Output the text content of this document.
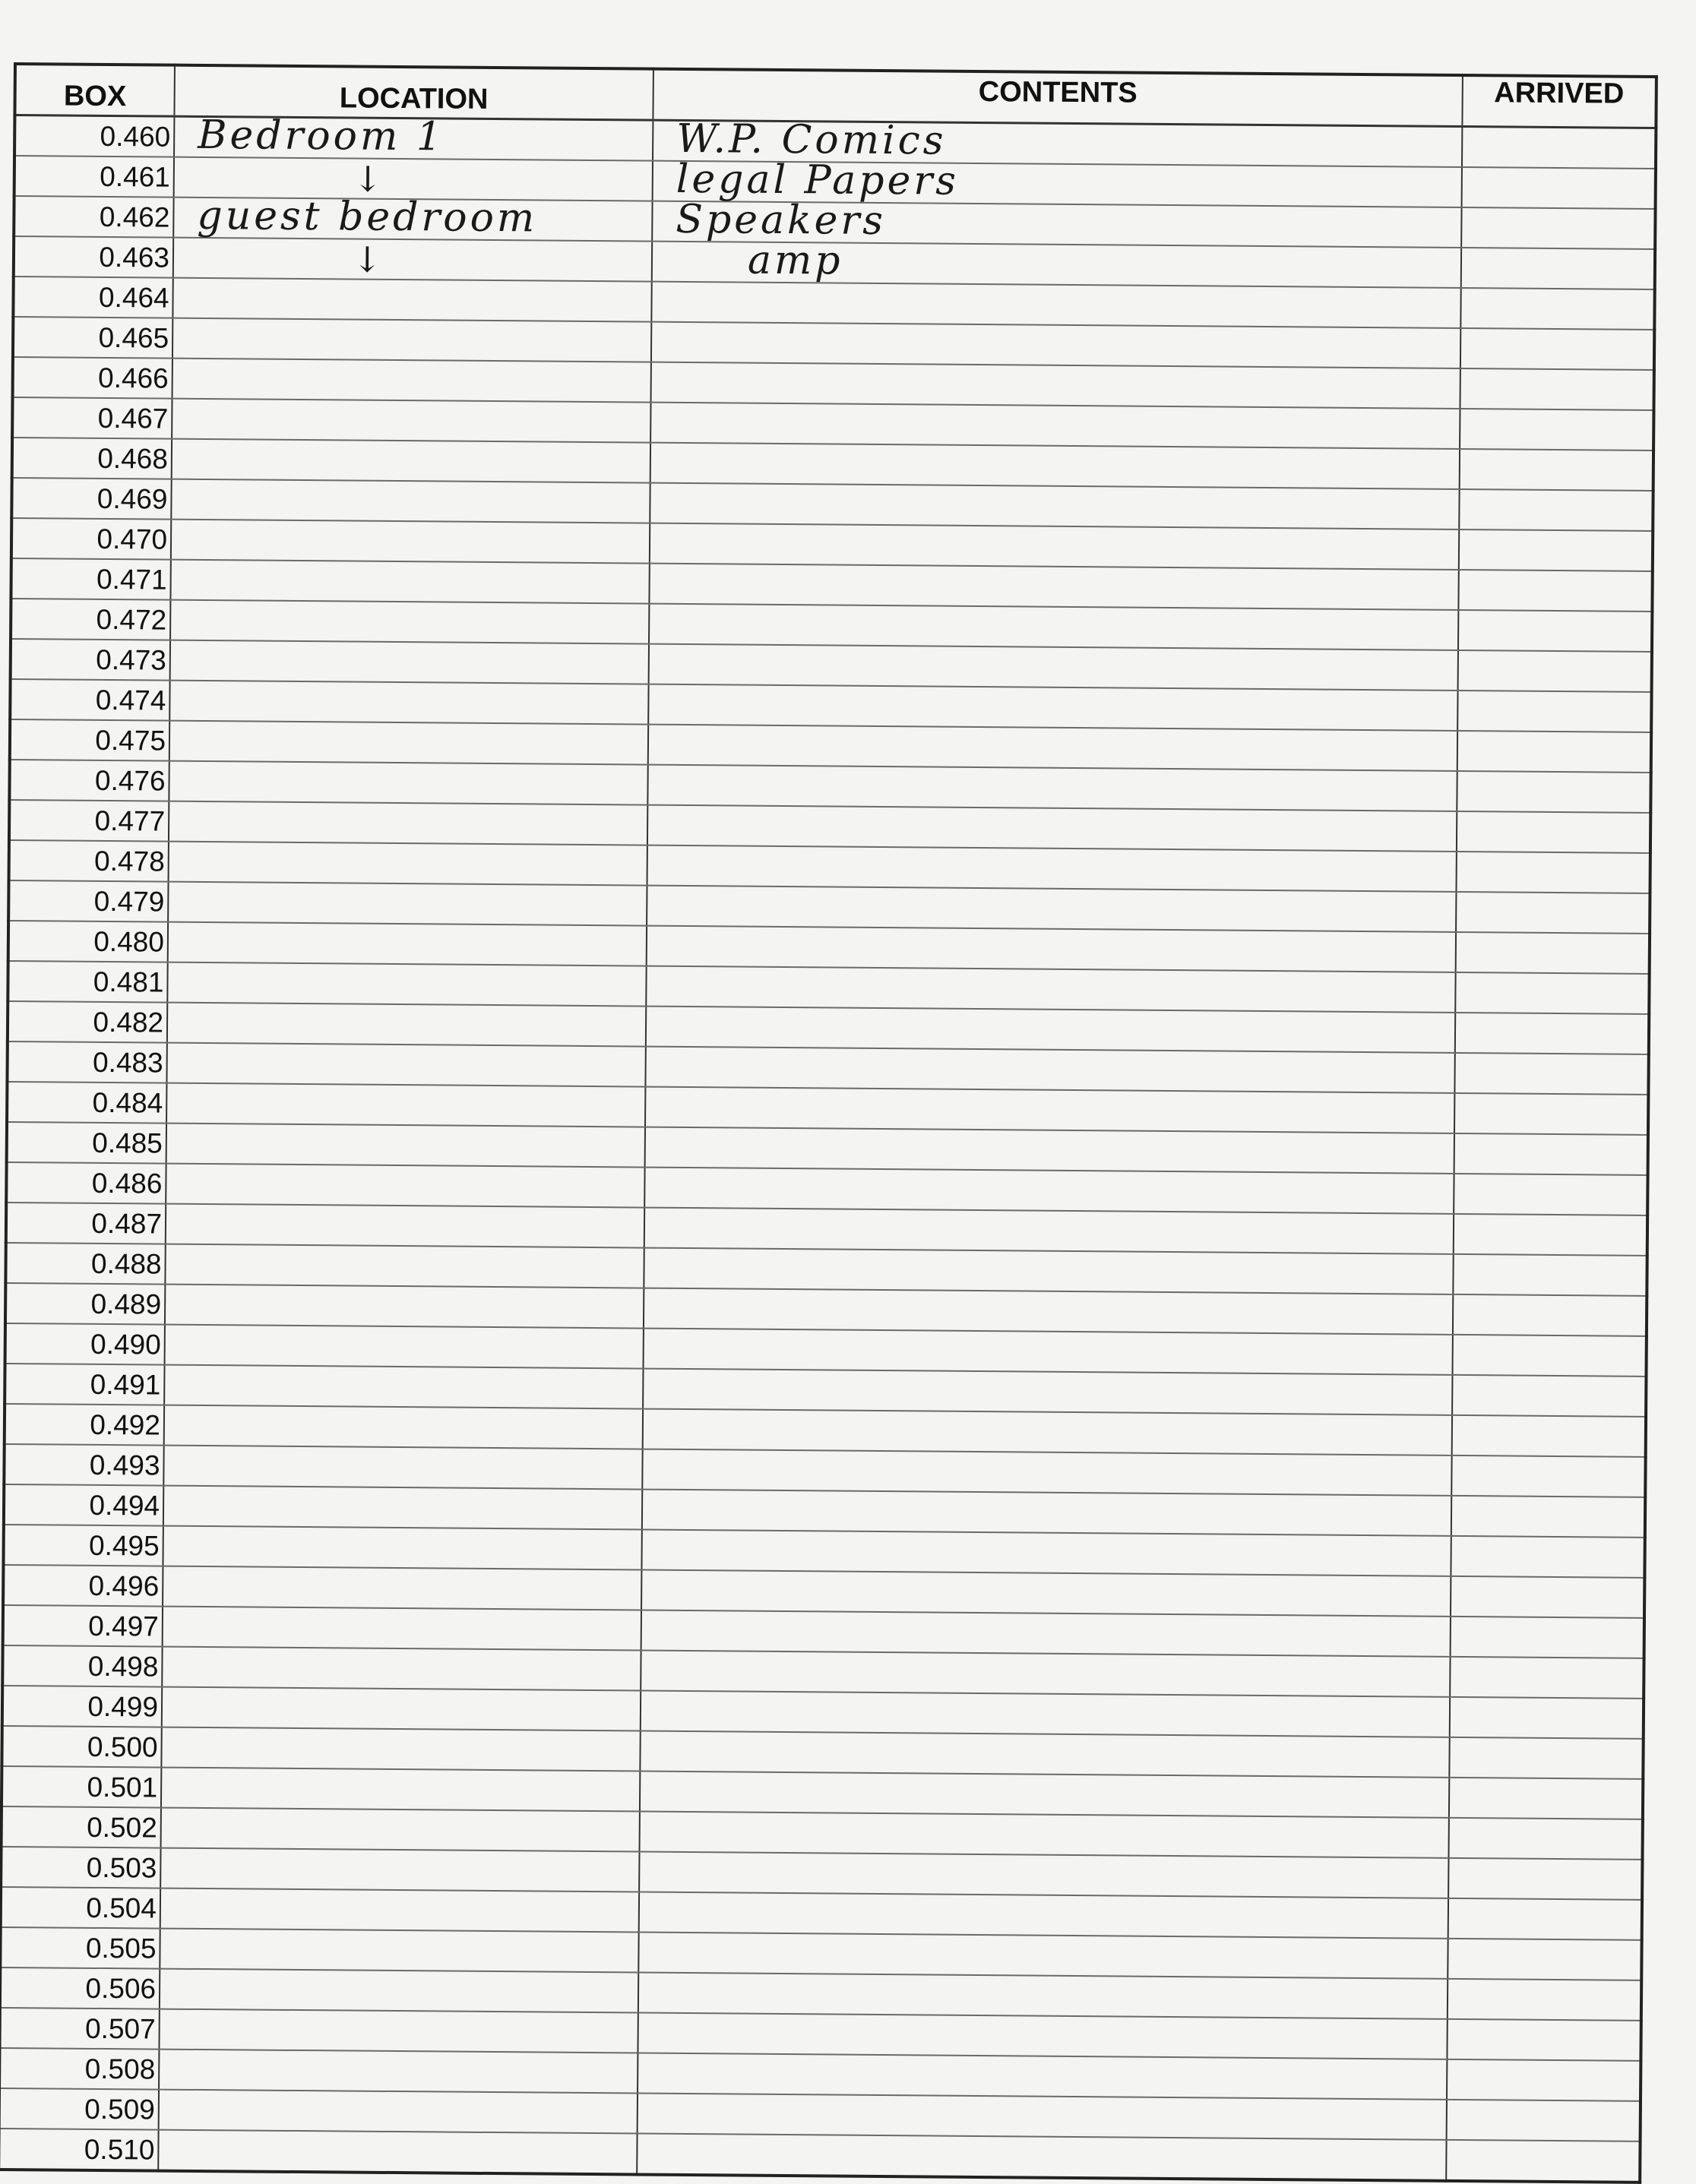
BOX	LOCATION	CONTENTS	ARRIVED
0.460	Bedroom 1	W.P. Comics	

0.461	↓	legal Papers	

0.462	guest bedroom	Speakers	

0.463	↓	amp	

0.464			
0.465			
0.466			
0.467			
0.468			
0.469			
0.470			
0.471			
0.472			
0.473			
0.474			
0.475			
0.476			
0.477			
0.478			
0.479			
0.480			
0.481			
0.482			
0.483			
0.484			
0.485			
0.486			
0.487			
0.488			
0.489			
0.490			
0.491			
0.492			
0.493			
0.494			
0.495			
0.496			
0.497			
0.498			
0.499			
0.500			
0.501			
0.502			
0.503			
0.504			
0.505			
0.506			
0.507			
0.508			
0.509			
0.510			
